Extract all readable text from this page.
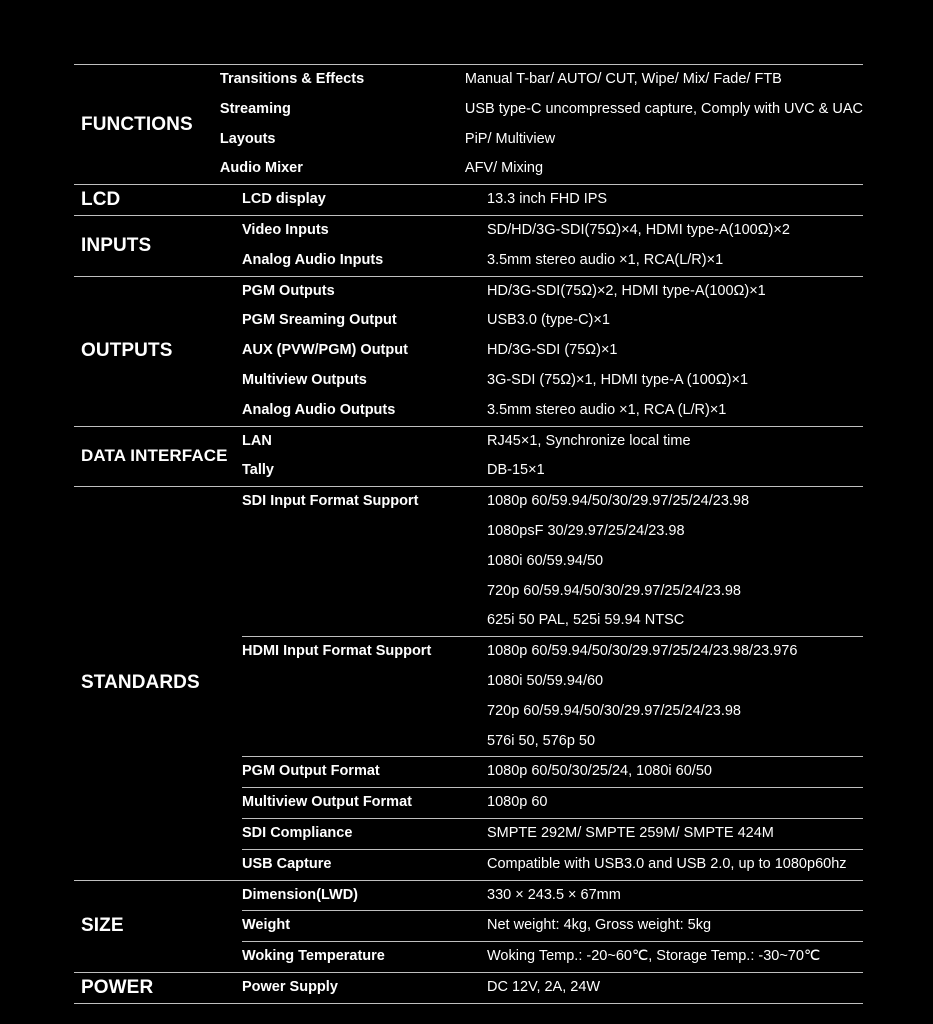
FUNCTIONS
Transitions & Effects	Manual T-bar/ AUTO/ CUT, Wipe/ Mix/ Fade/ FTB
Streaming	USB type-C uncompressed capture, Comply with UVC & UAC
Layouts	PiP/ Multiview
Audio Mixer	AFV/ Mixing
LCD	LCD display	13.3 inch FHD IPS
INPUTS
Video Inputs	SD/HD/3G-SDI(75Ω)×4, HDMI type-A(100Ω)×2
Analog Audio Inputs	3.5mm stereo audio ×1, RCA(L/R)×1
OUTPUTS
PGM Outputs	HD/3G-SDI(75Ω)×2, HDMI type-A(100Ω)×1
PGM Sreaming Output	USB3.0 (type-C)×1
AUX (PVW/PGM) Output	HD/3G-SDI (75Ω)×1
Multiview Outputs	3G-SDI (75Ω)×1, HDMI type-A (100Ω)×1
Analog Audio Outputs	3.5mm stereo audio ×1, RCA (L/R)×1
DATA INTERFACE
LAN	RJ45×1, Synchronize local time
Tally	DB-15×1
STANDARDS
SDI Input Format Support	1080p 60/59.94/50/30/29.97/25/24/23.98
1080psF 30/29.97/25/24/23.98
1080i 60/59.94/50
720p 60/59.94/50/30/29.97/25/24/23.98
625i 50 PAL, 525i 59.94 NTSC
HDMI Input Format Support	1080p 60/59.94/50/30/29.97/25/24/23.98/23.976
1080i 50/59.94/60
720p 60/59.94/50/30/29.97/25/24/23.98
576i 50, 576p 50
PGM Output Format	1080p 60/50/30/25/24, 1080i 60/50
Multiview Output Format	1080p 60
SDI Compliance	SMPTE 292M/ SMPTE 259M/ SMPTE 424M
USB Capture	Compatible with USB3.0 and USB 2.0, up to 1080p60hz
SIZE
Dimension(LWD)	330 × 243.5 × 67mm
Weight	Net weight: 4kg, Gross weight: 5kg
Woking Temperature	Woking Temp.: -20~60℃, Storage Temp.: -30~70℃
POWER	Power Supply	DC 12V, 2A, 24W
